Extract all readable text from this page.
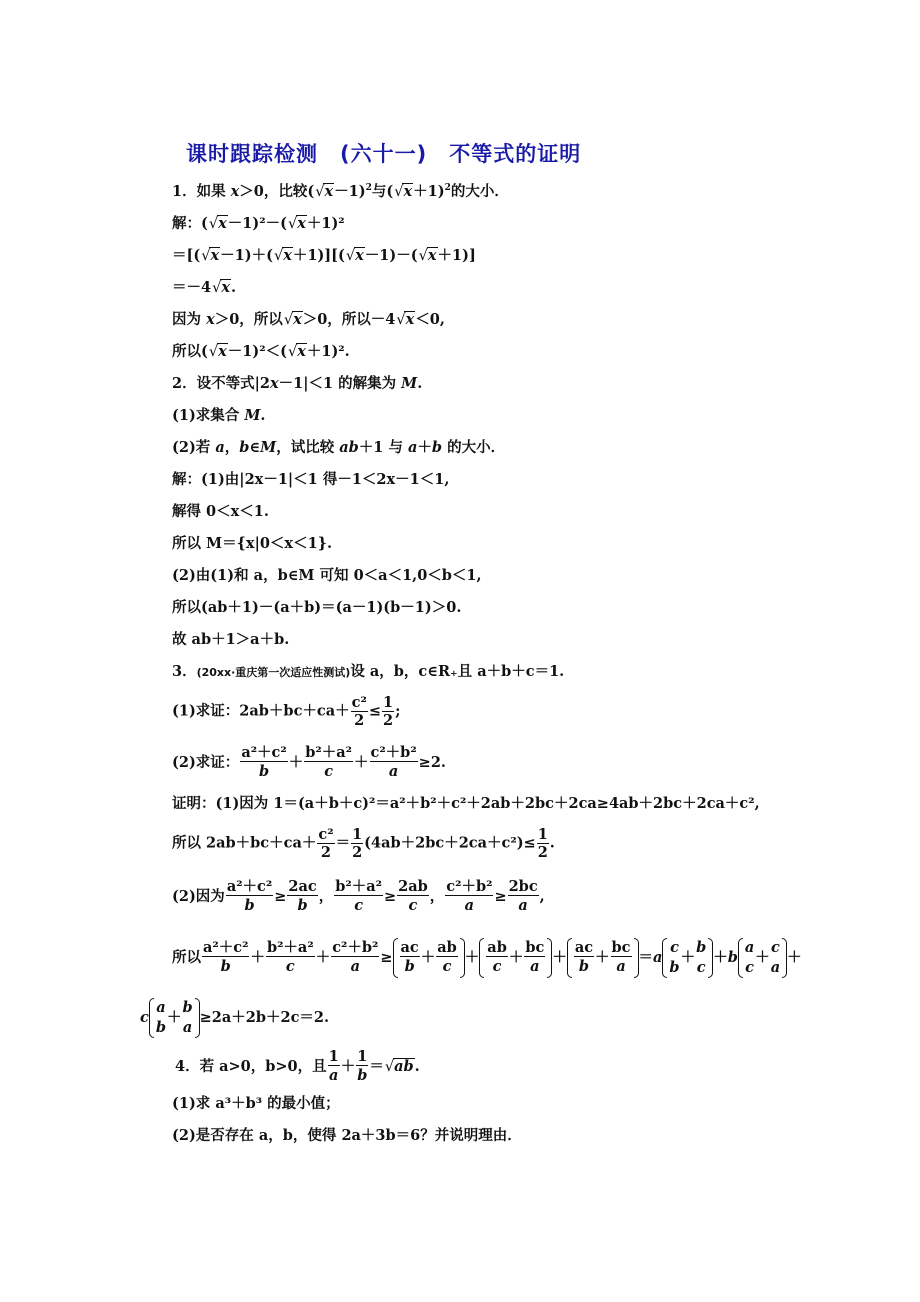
课时跟踪检测　(六十一)　不等式的证明
1．如果 x＞0，比较( √ x－1)$^2$与( √ x＋1)$^2$的大小．
解：( √ x－1)²－( √ x＋1)²
＝[( √ x－1)＋( √ x＋1)][( √ x－1)－( √ x＋1)]
＝－4 √ x.
因为 x＞0，所以 √ x＞0，所以－4 √ x＜0,
所以( √ x－1)²＜( √ x＋1)².
2．设不等式|2x－1|＜1 的解集为 M.
(1)求集合 M.
(2)若 a，b∈M，试比较 ab＋1 与 a＋b 的大小．
解：(1)由|2x－1|＜1 得－1＜2x－1＜1,
解得 0＜x＜1.
所以 M＝{x|0＜x＜1}.
(2)由(1)和 a，b∈M 可知 0＜a＜1,0＜b＜1,
所以(ab＋1)－(a＋b)＝(a－1)(b－1)＞0.
故 ab＋1＞a＋b.
3．(20xx·重庆第一次适应性测试)设 a，b，c∈R₊且 a＋b＋c＝1.
(1)求证：$2ab+bc+ca+ \frac{\text{c²}}{2} \le \frac{1}{2}$ ;
(2)求证： $\frac{\text{a²＋c²}}{b} + \frac{\text{b²＋a²}}{c} + \frac{\text{c²＋b²}}{a} \ge 2$.
证明：(1)因为 1＝(a＋b＋c)²＝a²＋b²＋c²＋2ab＋2bc＋2ca≥4ab＋2bc＋2ca＋c²,
所以 $2ab+bc+ca+ \frac{\text{c²}}{2} = \frac{1}{2} (4ab+2bc+2ca+c^2)\le \frac{1}{2}$ .
(2)因为 $\frac{\text{a²＋c²}}{b} \ge \frac{2ac}{b}$ ， $\frac{\text{b²＋a²}}{c} \ge \frac{2ab}{c}$ ， $\frac{\text{c²＋b²}}{a} \ge \frac{2bc}{a}$ ,
所以 $\frac{\text{a²＋c²}}{b} + \frac{\text{b²＋a²}}{c} + \frac{\text{c²＋b²}}{a}$ ≥
ac
b
＋
ab
c
＋
ab
c
＋
bc
a
＋
ac
b
＋
bc
a
＝a
c
b
＋
b
c
＋b
a
c
＋
c
a
＋
c
a
b
＋
b
a
≥2a＋2b＋2c＝2.
4．若 a>0，b>0，且 $\frac{1}{a} + \frac{1}{b}$ ＝ √ ab.
(1)求 a³＋b³ 的最小值；
(2)是否存在 a，b，使得 2a＋3b＝6？并说明理由．
